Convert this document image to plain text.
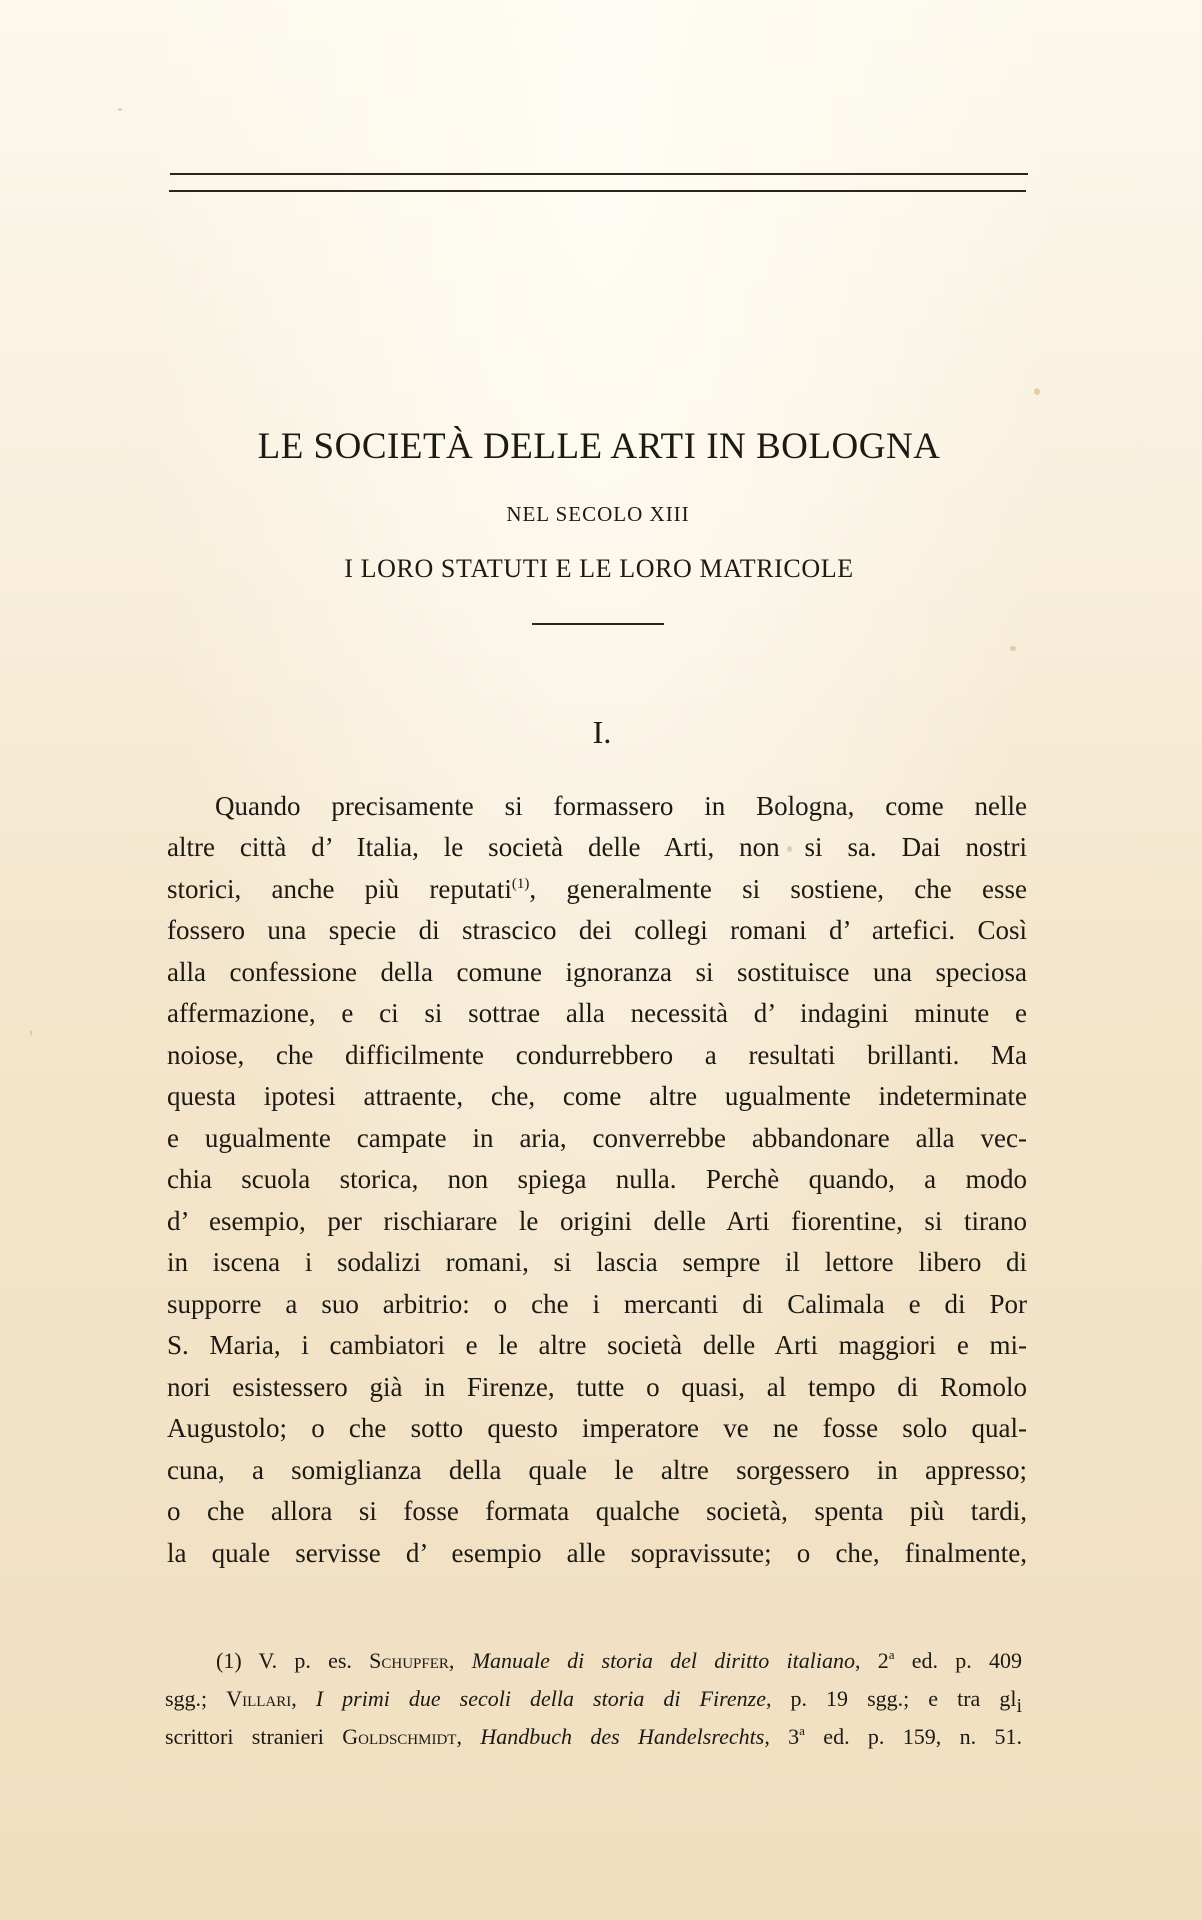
LE SOCIETÀ DELLE ARTI IN BOLOGNA
NEL SECOLO XIII
I LORO STATUTI E LE LORO MATRICOLE
I.
Quando precisamente si formassero in Bologna, come nelle
altre città d’ Italia, le società delle Arti, non si sa. Dai nostri
storici, anche più reputati$^{(1)}$, generalmente si sostiene, che esse
fossero una specie di strascico dei collegi romani d’ artefici. Così
alla confessione della comune ignoranza si sostituisce una speciosa
affermazione, e ci si sottrae alla necessità d’ indagini minute e
noiose, che difficilmente condurrebbero a resultati brillanti. Ma
questa ipotesi attraente, che, come altre ugualmente indeterminate
e ugualmente campate in aria, converrebbe abbandonare alla vec-
chia scuola storica, non spiega nulla. Perchè quando, a modo
d’ esempio, per rischiarare le origini delle Arti fiorentine, si tirano
in iscena i sodalizi romani, si lascia sempre il lettore libero di
supporre a suo arbitrio: o che i mercanti di Calimala e di Por
S. Maria, i cambiatori e le altre società delle Arti maggiori e mi-
nori esistessero già in Firenze, tutte o quasi, al tempo di Romolo
Augustolo; o che sotto questo imperatore ve ne fosse solo qual-
cuna, a somiglianza della quale le altre sorgessero in appresso;
o che allora si fosse formata qualche società, spenta più tardi,
la quale servisse d’ esempio alle sopravissute; o che, finalmente,
(1) V. p. es. Schupfer, Manuale di storia del diritto italiano, 2$^a$ ed. p. 409
sgg.; Villari, I primi due secoli della storia di Firenze, p. 19 sgg.; e tra gli
scrittori stranieri Goldschmidt, Handbuch des Handelsrechts, 3$^a$ ed. p. 159, n. 51.
